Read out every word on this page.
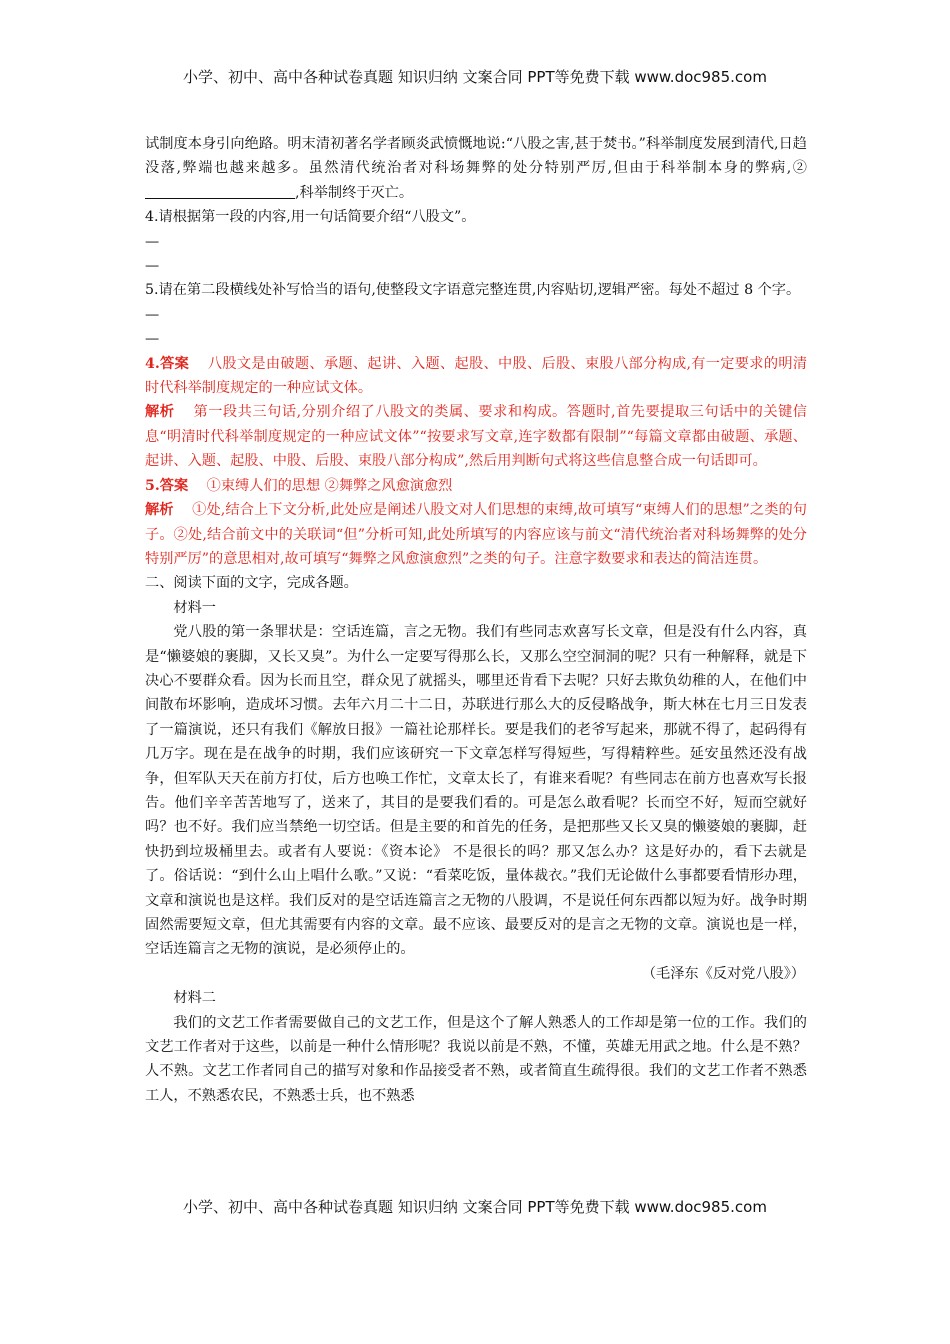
小学、初中、高中各种试卷真题 知识归纳 文案合同 PPT等免费下载 www.doc985.com

试制度本身引向绝路。明末清初著名学者顾炎武愤慨地说:“八股之害,甚于焚书。”科举制度发展到清代,日趋没落,弊端也越来越多。虽然清代统治者对科场舞弊的处分特别严厉,但由于科举制本身的弊病,②,科举制终于灭亡。

4.请根据第一段的内容,用一句话简要介绍“八股文”。

—

—

5.请在第二段横线处补写恰当的语句,使整段文字语意完整连贯,内容贴切,逻辑严密。每处不超过 8 个字。

—

—

4.答案 八股文是由破题、承题、起讲、入题、起股、中股、后股、束股八部分构成,有一定要求的明清时代科举制度规定的一种应试文体。

解析 第一段共三句话,分别介绍了八股文的类属、要求和构成。答题时,首先要提取三句话中的关键信息“明清时代科举制度规定的一种应试文体”“按要求写文章,连字数都有限制”“每篇文章都由破题、承题、起讲、入题、起股、中股、后股、束股八部分构成”,然后用判断句式将这些信息整合成一句话即可。

5.答案 ①束缚人们的思想 ②舞弊之风愈演愈烈

解析 ①处,结合上下文分析,此处应是阐述八股文对人们思想的束缚,故可填写“束缚人们的思想”之类的句子。②处,结合前文中的关联词“但”分析可知,此处所填写的内容应该与前文“清代统治者对科场舞弊的处分特别严厉”的意思相对,故可填写“舞弊之风愈演愈烈”之类的句子。注意字数要求和表达的简洁连贯。

二、阅读下面的文字，完成各题。

材料一

党八股的第一条罪状是：空话连篇，言之无物。我们有些同志欢喜写长文章，但是没有什么内容，真是“懒婆娘的裹脚，又长又臭”。为什么一定要写得那么长，又那么空空洞洞的呢？只有一种解释，就是下决心不要群众看。因为长而且空，群众见了就摇头，哪里还肯看下去呢？只好去欺负幼稚的人，在他们中间散布坏影响，造成坏习惯。去年六月二十二日，苏联进行那么大的反侵略战争，斯大林在七月三日发表了一篇演说，还只有我们《解放日报》一篇社论那样长。要是我们的老爷写起来，那就不得了，起码得有几万字。现在是在战争的时期，我们应该研究一下文章怎样写得短些，写得精粹些。延安虽然还没有战争，但军队天天在前方打仗，后方也唤工作忙，文章太长了，有谁来看呢？有些同志在前方也喜欢写长报告。他们辛辛苦苦地写了，送来了，其目的是要我们看的。可是怎么敢看呢？长而空不好，短而空就好吗？也不好。我们应当禁绝一切空话。但是主要的和首先的任务，是把那些又长又臭的懒婆娘的裹脚，赶快扔到垃圾桶里去。或者有人要说：《资本论》 不是很长的吗？那又怎么办？这是好办的，看下去就是了。俗话说：“到什么山上唱什么歌。”又说：“看菜吃饭，量体裁衣。”我们无论做什么事都要看情形办理，文章和演说也是这样。我们反对的是空话连篇言之无物的八股调，不是说任何东西都以短为好。战争时期固然需要短文章，但尤其需要有内容的文章。最不应该、最要反对的是言之无物的文章。演说也是一样，空话连篇言之无物的演说，是必须停止的。

（毛泽东《反对党八股》）

材料二

我们的文艺工作者需要做自己的文艺工作，但是这个了解人熟悉人的工作却是第一位的工作。我们的文艺工作者对于这些，以前是一种什么情形呢？我说以前是不熟，不懂，英雄无用武之地。什么是不熟？人不熟。文艺工作者同自己的描写对象和作品接受者不熟，或者简直生疏得很。我们的文艺工作者不熟悉工人，不熟悉农民，不熟悉士兵，也不熟悉

小学、初中、高中各种试卷真题 知识归纳 文案合同 PPT等免费下载 www.doc985.com
